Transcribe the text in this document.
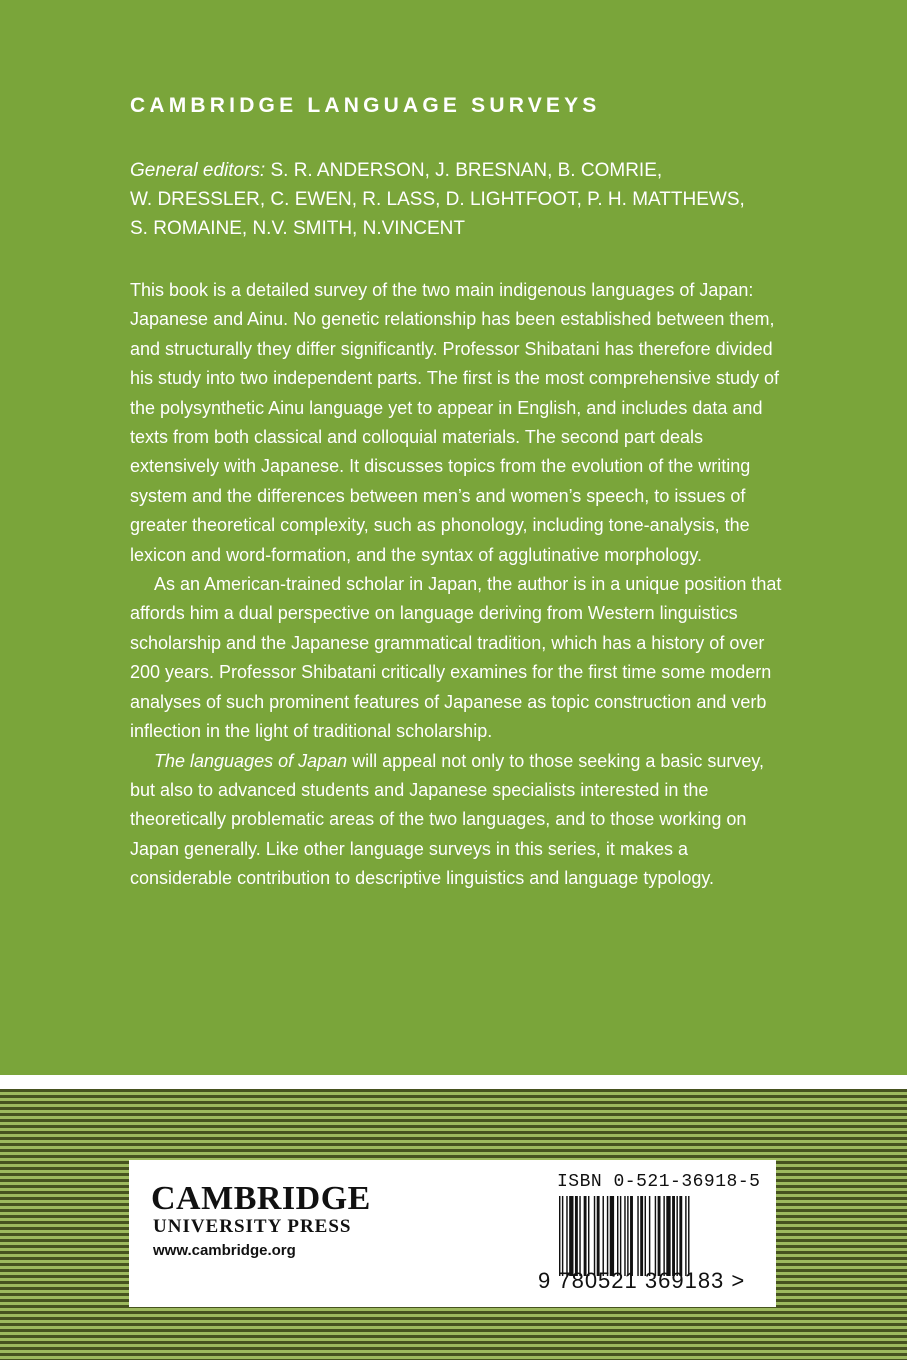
CAMBRIDGE LANGUAGE SURVEYS
General editors: S. R. ANDERSON, J. BRESNAN, B. COMRIE,
W. DRESSLER, C. EWEN, R. LASS, D. LIGHTFOOT, P. H. MATTHEWS,
S. ROMAINE, N.V. SMITH, N.VINCENT

This book is a detailed survey of the two main indigenous languages of Japan: Japanese and Ainu. No genetic relationship has been established between them, and structurally they differ significantly. Professor Shibatani has therefore divided his study into two independent parts. The first is the most comprehensive study of the polysynthetic Ainu language yet to appear in English, and includes data and texts from both classical and colloquial materials. The second part deals extensively with Japanese. It discusses topics from the evolution of the writing system and the differences between men’s and women’s speech, to issues of greater theoretical complexity, such as phonology, including tone-analysis, the lexicon and word-formation, and the syntax of agglutinative morphology.

As an American-trained scholar in Japan, the author is in a unique position that affords him a dual perspective on language deriving from Western linguistics scholarship and the Japanese grammatical tradition, which has a history of over 200 years. Professor Shibatani critically examines for the first time some modern analyses of such prominent features of Japanese as topic construction and verb inflection in the light of traditional scholarship.

The languages of Japan will appeal not only to those seeking a basic survey, but also to advanced students and Japanese specialists interested in the theoretically problematic areas of the two languages, and to those working on Japan generally. Like other language surveys in this series, it makes a considerable contribution to descriptive linguistics and language typology.

CAMBRIDGE
UNIVERSITY PRESS
www.cambridge.org
ISBN 0-521-36918-5
9 780521 369183 >
